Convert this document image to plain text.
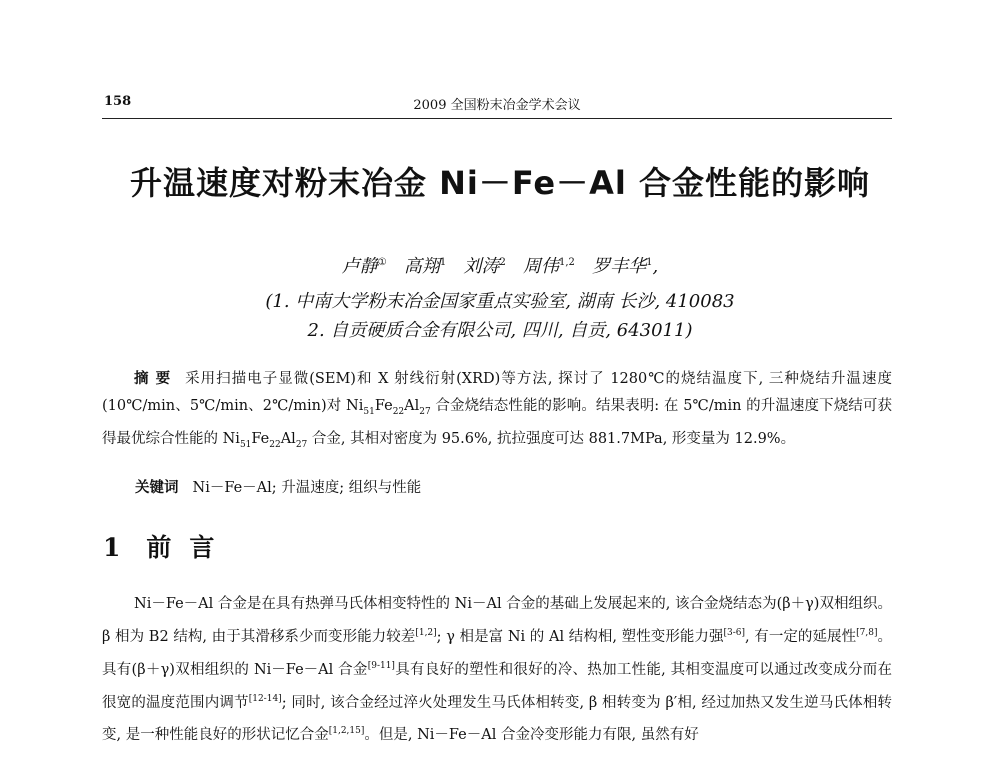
158	2009 全国粉末冶金学术会议
升温速度对粉末冶金 Ni－Fe－Al 合金性能的影响
卢静① 高翔$^1$ 刘涛$^2$ 周伟$^{1,2}$ 罗丰华$^1$,
(1. 中南大学粉末冶金国家重点实验室, 湖南 长沙, 410083
2. 自贡硬质合金有限公司, 四川, 自贡, 643011)
摘 要 采用扫描电子显微(SEM)和 X 射线衍射(XRD)等方法, 探讨了 1280℃的烧结温度下, 三种烧结升温速度(10℃/min、5℃/min、2℃/min)对 $Ni_{51}Fe_{22}Al_{27}$ 合金烧结态性能的影响。结果表明: 在 5℃/min 的升温速度下烧结可获得最优综合性能的 $Ni_{51}Fe_{22}Al_{27}$ 合金, 其相对密度为 95.6%, 抗拉强度可达 881.7MPa, 形变量为 12.9%。
关键词 Ni－Fe－Al; 升温速度; 组织与性能
1 前言
Ni－Fe－Al 合金是在具有热弹马氏体相变特性的 Ni－Al 合金的基础上发展起来的, 该合金烧结态为(β＋γ)双相组织。β 相为 B2 结构, 由于其滑移系少而变形能力较差[1,2]; γ 相是富 Ni 的 Al 结构相, 塑性变形能力强[3-6], 有一定的延展性[7,8]。具有(β＋γ)双相组织的 Ni－Fe－Al 合金[9-11]具有良好的塑性和很好的冷、热加工性能, 其相变温度可以通过改变成分而在很宽的温度范围内调节[12-14]; 同时, 该合金经过淬火处理发生马氏体相转变, β 相转变为 β′相, 经过加热又发生逆马氏体相转变, 是一种性能良好的形状记忆合金[1,2,15]。但是, Ni－Fe－Al 合金冷变形能力有限, 虽然有好
